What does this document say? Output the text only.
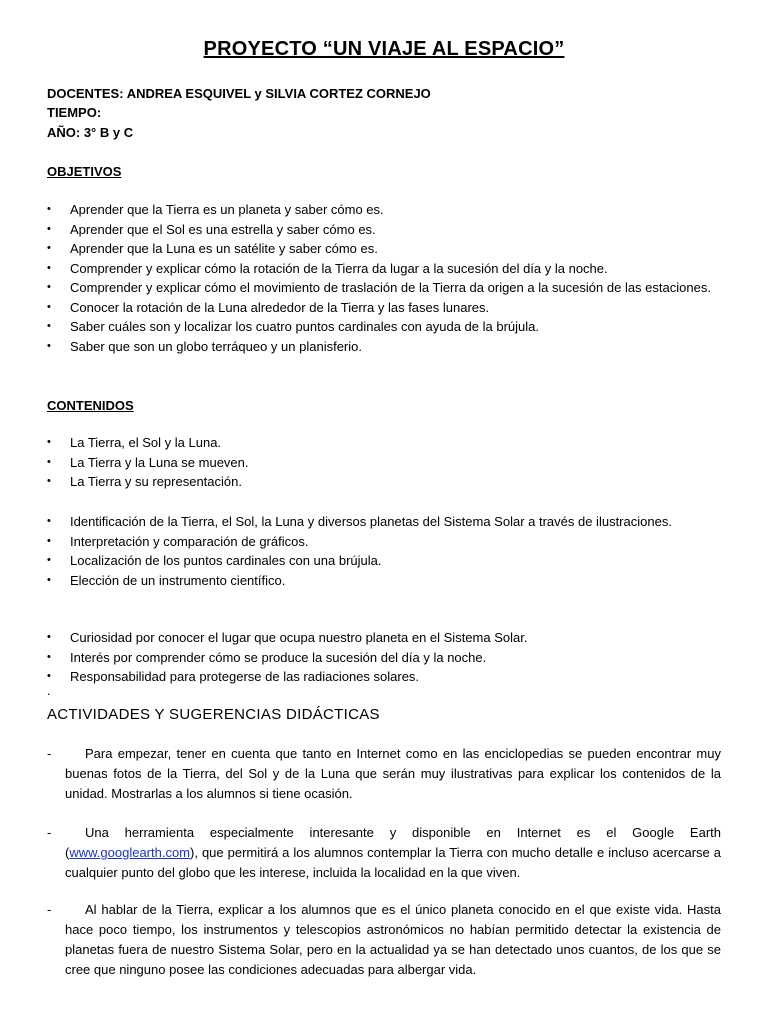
PROYECTO “UN VIAJE AL ESPACIO”
DOCENTES: ANDREA ESQUIVEL y SILVIA CORTEZ CORNEJO
TIEMPO:
AÑO: 3° B y C
OBJETIVOS
• Aprender que la Tierra es un planeta y saber cómo es.
• Aprender que el Sol es una estrella y saber cómo es.
• Aprender que la Luna es un satélite y saber cómo es.
• Comprender y explicar cómo la rotación de la Tierra da lugar a la sucesión del día y la noche.
• Comprender y explicar cómo el movimiento de traslación de la Tierra da origen a la sucesión de las estaciones.
• Conocer la rotación de la Luna alrededor de la Tierra y las fases lunares.
• Saber cuáles son y localizar los cuatro puntos cardinales con ayuda de la brújula.
• Saber que son un globo terráqueo y un planisferio.
CONTENIDOS
• La Tierra, el Sol y la Luna.
• La Tierra y la Luna se mueven.
• La Tierra y su representación.
• Identificación de la Tierra, el Sol, la Luna y diversos planetas del Sistema Solar a través de ilustraciones.
• Interpretación y comparación de gráficos.
• Localización de los puntos cardinales con una brújula.
• Elección de un instrumento científico.
• Curiosidad por conocer el lugar que ocupa nuestro planeta en el Sistema Solar.
• Interés por comprender cómo se produce la sucesión del día y la noche.
• Responsabilidad para protegerse de las radiaciones solares.
.
ACTIVIDADES Y SUGERENCIAS DIDÁCTICAS
-	Para empezar, tener en cuenta que tanto en Internet como en las enciclopedias se pueden encontrar muy buenas fotos de la Tierra, del Sol y de la Luna que serán muy ilustrativas para explicar los contenidos de la unidad. Mostrarlas a los alumnos si tiene ocasión.
-	Una herramienta especialmente interesante y disponible en Internet es el Google Earth (www.googlearth.com), que permitirá a los alumnos contemplar la Tierra con mucho detalle e incluso acercarse a cualquier punto del globo que les interese, incluida la localidad en la que viven.
-	Al hablar de la Tierra, explicar a los alumnos que es el único planeta conocido en el que existe vida. Hasta hace poco tiempo, los instrumentos y telescopios astronómicos no habían permitido detectar la existencia de planetas fuera de nuestro Sistema Solar, pero en la actualidad ya se han detectado unos cuantos, de los que se cree que ninguno posee las condiciones adecuadas para albergar vida.
